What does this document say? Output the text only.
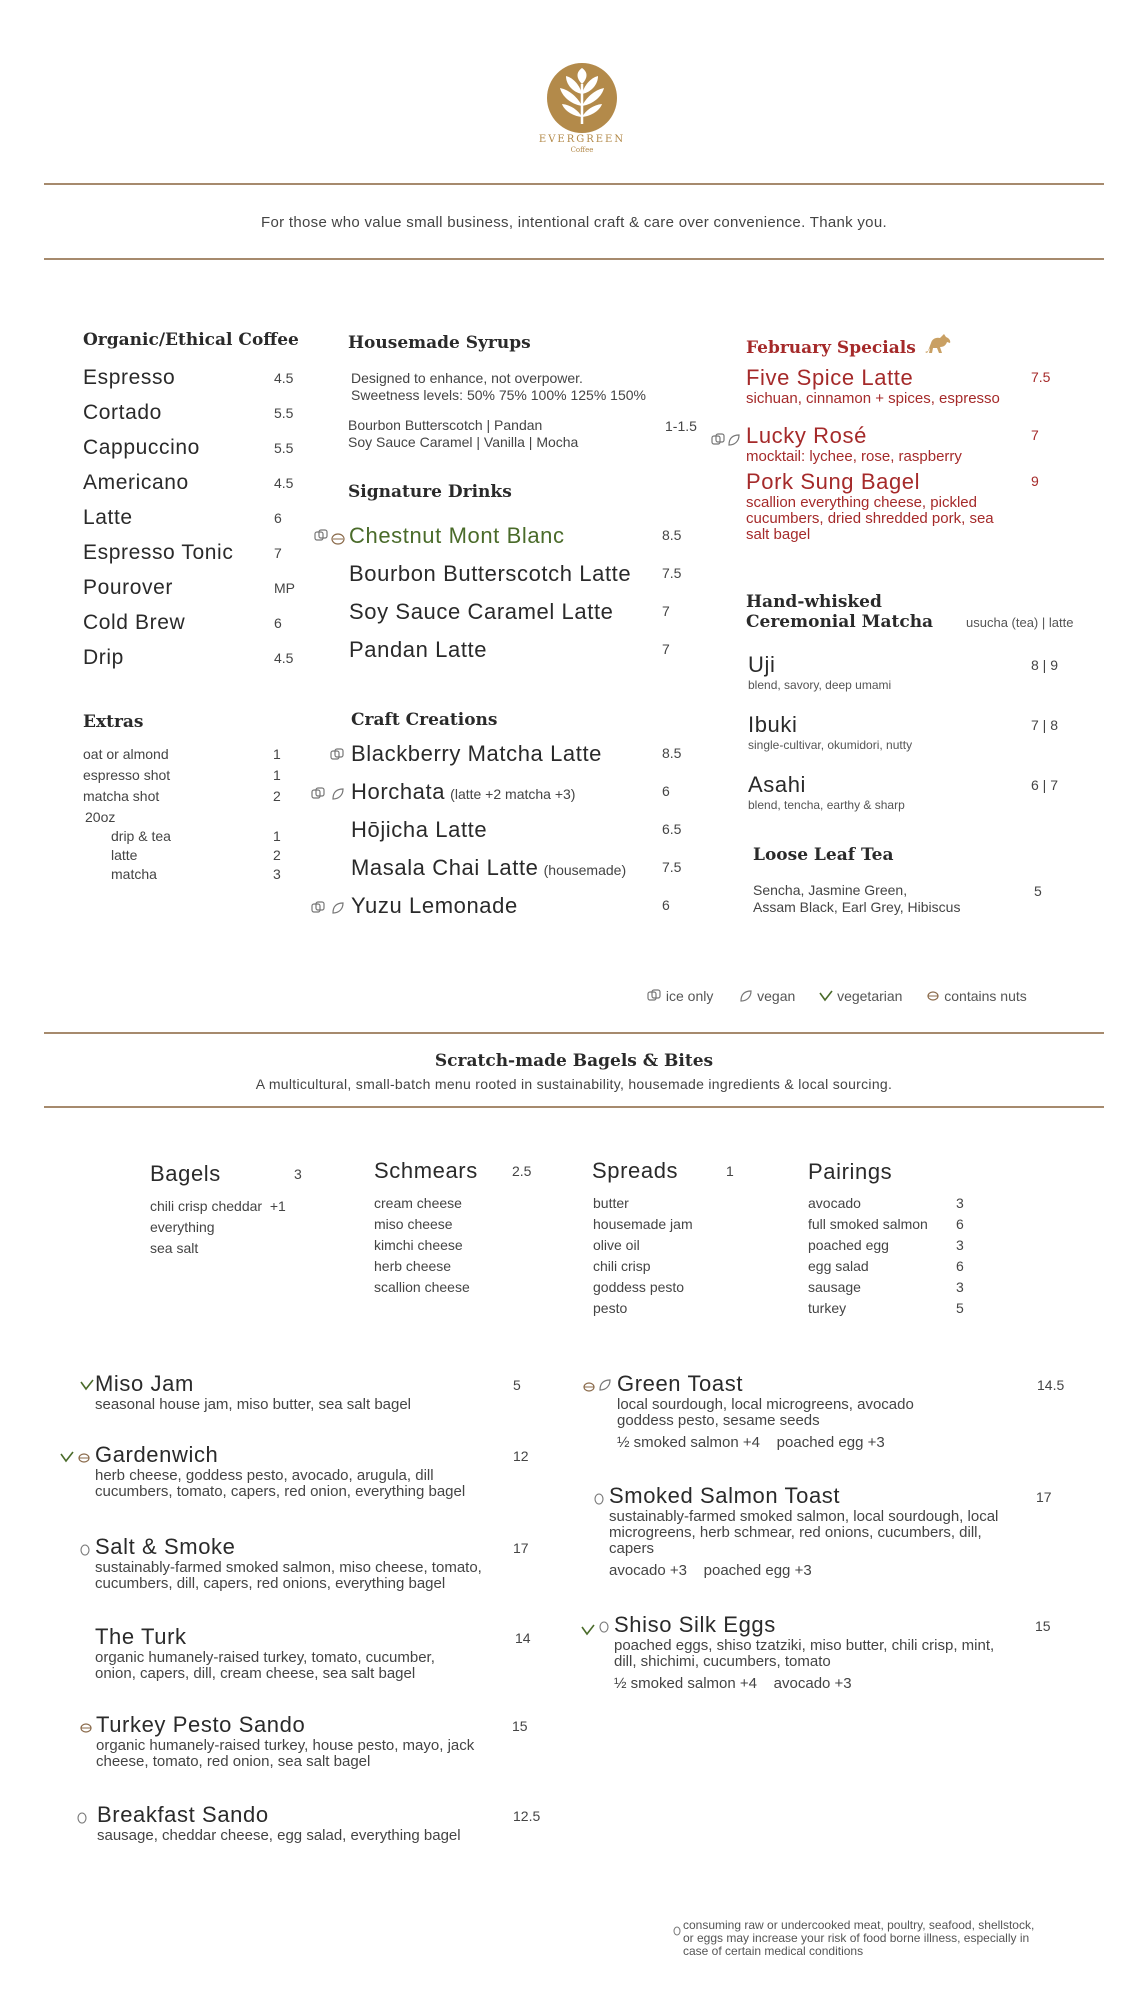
EVERGREEN
Coffee
For those who value small business, intentional craft & care over convenience. Thank you.
Organic/Ethical Coffee
Espresso	4.5
Cortado	5.5
Cappuccino	5.5
Americano	4.5
Latte	6
Espresso Tonic	7
Pourover	MP
Cold Brew	6
Drip	4.5
Extras
oat or almond	1
espresso shot	1
matcha shot	2
20oz
drip & tea	1
latte	2
matcha	3
Housemade Syrups
Designed to enhance, not overpower.
Sweetness levels: 50% 75% 100% 125% 150%
Bourbon Butterscotch | Pandan
Soy Sauce Caramel | Vanilla | Mocha
1-1.5
Signature Drinks
Chestnut Mont Blanc	8.5
Bourbon Butterscotch Latte 7.5
Soy Sauce Caramel Latte	7
Pandan Latte	7
Craft Creations
Blackberry Matcha Latte	8.5
Horchata (latte +2 matcha +3)	6
Hōjicha Latte	6.5
Masala Chai Latte (housemade)	7.5
Yuzu Lemonade	6
February Specials
Five Spice Latte
sichuan, cinnamon + spices, espresso
7.5
Lucky Rosé
mocktail: lychee, rose, raspberry
7
Pork Sung Bagel
scallion everything cheese, pickled cucumbers, dried shredded pork, sea salt bagel
9
Hand-whisked
Ceremonial Matcha	usucha (tea) | latte
Uji
blend, savory, deep umami
8 | 9
Ibuki
single-cultivar, okumidori, nutty
7 | 8
Asahi
blend, tencha, earthy & sharp
6 | 7
Loose Leaf Tea
Sencha, Jasmine Green,
Assam Black, Earl Grey, Hibiscus
5
ice only	vegan	vegetarian	contains nuts
Scratch-made Bagels & Bites
A multicultural, small-batch menu rooted in sustainability, housemade ingredients & local sourcing.
Bagels	3
chili crisp cheddar +1
everything
sea salt
Schmears 2.5
cream cheese
miso cheese
kimchi cheese
herb cheese
scallion cheese
Spreads	1
butter
housemade jam
olive oil
chili crisp
goddess pesto
pesto
Pairings
avocado	3
full smoked salmon 6
poached egg	3
egg salad	6
sausage	3
turkey	5
Miso Jam
seasonal house jam, miso butter, sea salt bagel
5
Gardenwich
herb cheese, goddess pesto, avocado, arugula, dill cucumbers, tomato, capers, red onion, everything bagel
12
Salt & Smoke
sustainably-farmed smoked salmon, miso cheese, tomato, cucumbers, dill, capers, red onions, everything bagel
17
The Turk
organic humanely-raised turkey, tomato, cucumber, onion, capers, dill, cream cheese, sea salt bagel
14
Turkey Pesto Sando
organic humanely-raised turkey, house pesto, mayo, jack cheese, tomato, red onion, sea salt bagel
15
Breakfast Sando
sausage, cheddar cheese, egg salad, everything bagel
12.5
Green Toast
local sourdough, local microgreens, avocado goddess pesto, sesame seeds
½ smoked salmon +4    poached egg +3
14.5
Smoked Salmon Toast
sustainably-farmed smoked salmon, local sourdough, local microgreens, herb schmear, red onions, cucumbers, dill, capers
avocado +3    poached egg +3
17
Shiso Silk Eggs
poached eggs, shiso tzatziki, miso butter, chili crisp, mint, dill, shichimi, cucumbers, tomato
½ smoked salmon +4    avocado +3
15
consuming raw or undercooked meat, poultry, seafood, shellstock, or eggs may increase your risk of food borne illness, especially in case of certain medical conditions
